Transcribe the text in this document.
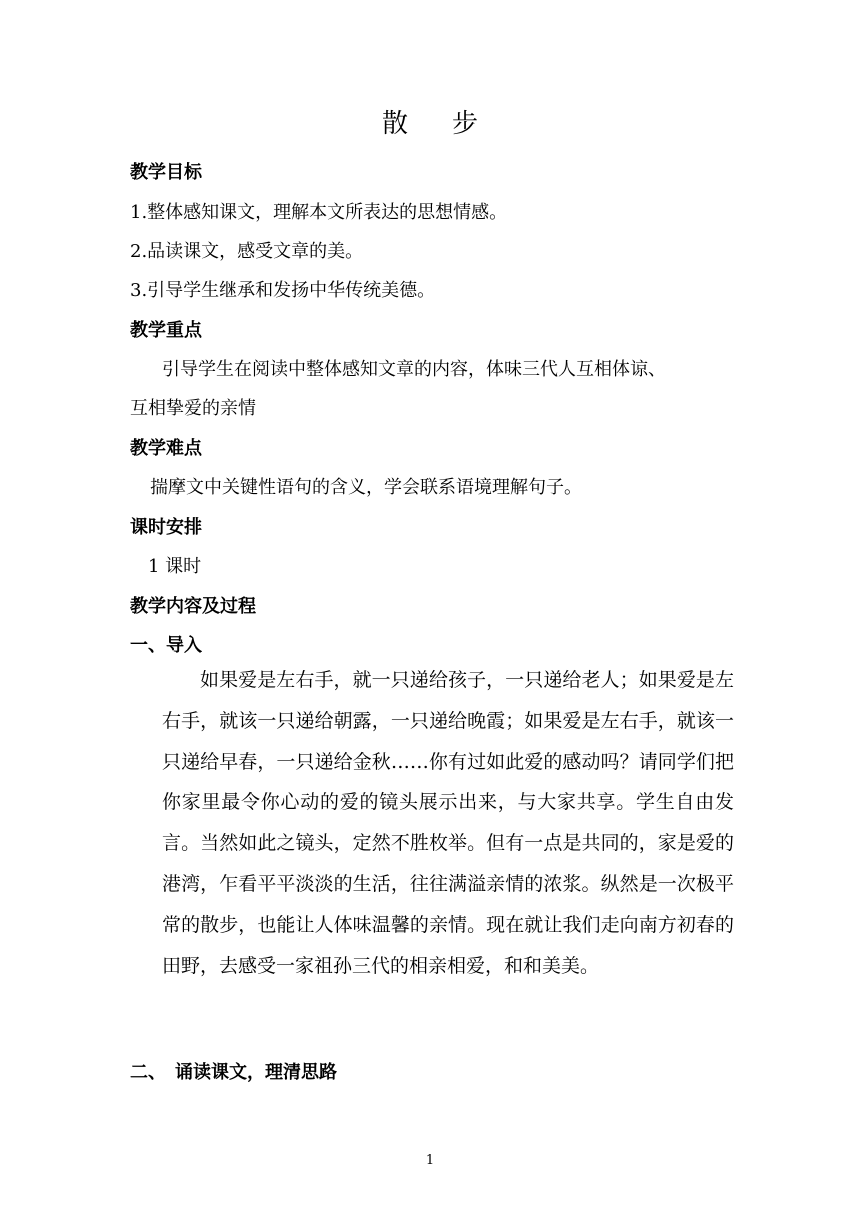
散 步
教学目标
1.整体感知课文，理解本文所表达的思想情感。
2.品读课文，感受文章的美。
3.引导学生继承和发扬中华传统美德。
教学重点
引导学生在阅读中整体感知文章的内容，体味三代人互相体谅、
互相挚爱的亲情
教学难点
揣摩文中关键性语句的含义，学会联系语境理解句子。
课时安排
1 课时
教学内容及过程
一、导入
如果爱是左右手，就一只递给孩子，一只递给老人；如果爱是左右手，就该一只递给朝露，一只递给晚霞；如果爱是左右手，就该一只递给早春，一只递给金秋……你有过如此爱的感动吗？请同学们把你家里最令你心动的爱的镜头展示出来，与大家共享。学生自由发言。当然如此之镜头，定然不胜枚举。但有一点是共同的，家是爱的港湾，乍看平平淡淡的生活，往往满溢亲情的浓浆。纵然是一次极平常的散步，也能让人体味温馨的亲情。现在就让我们走向南方初春的田野，去感受一家祖孙三代的相亲相爱，和和美美。
二、　诵读课文，理清思路
1
